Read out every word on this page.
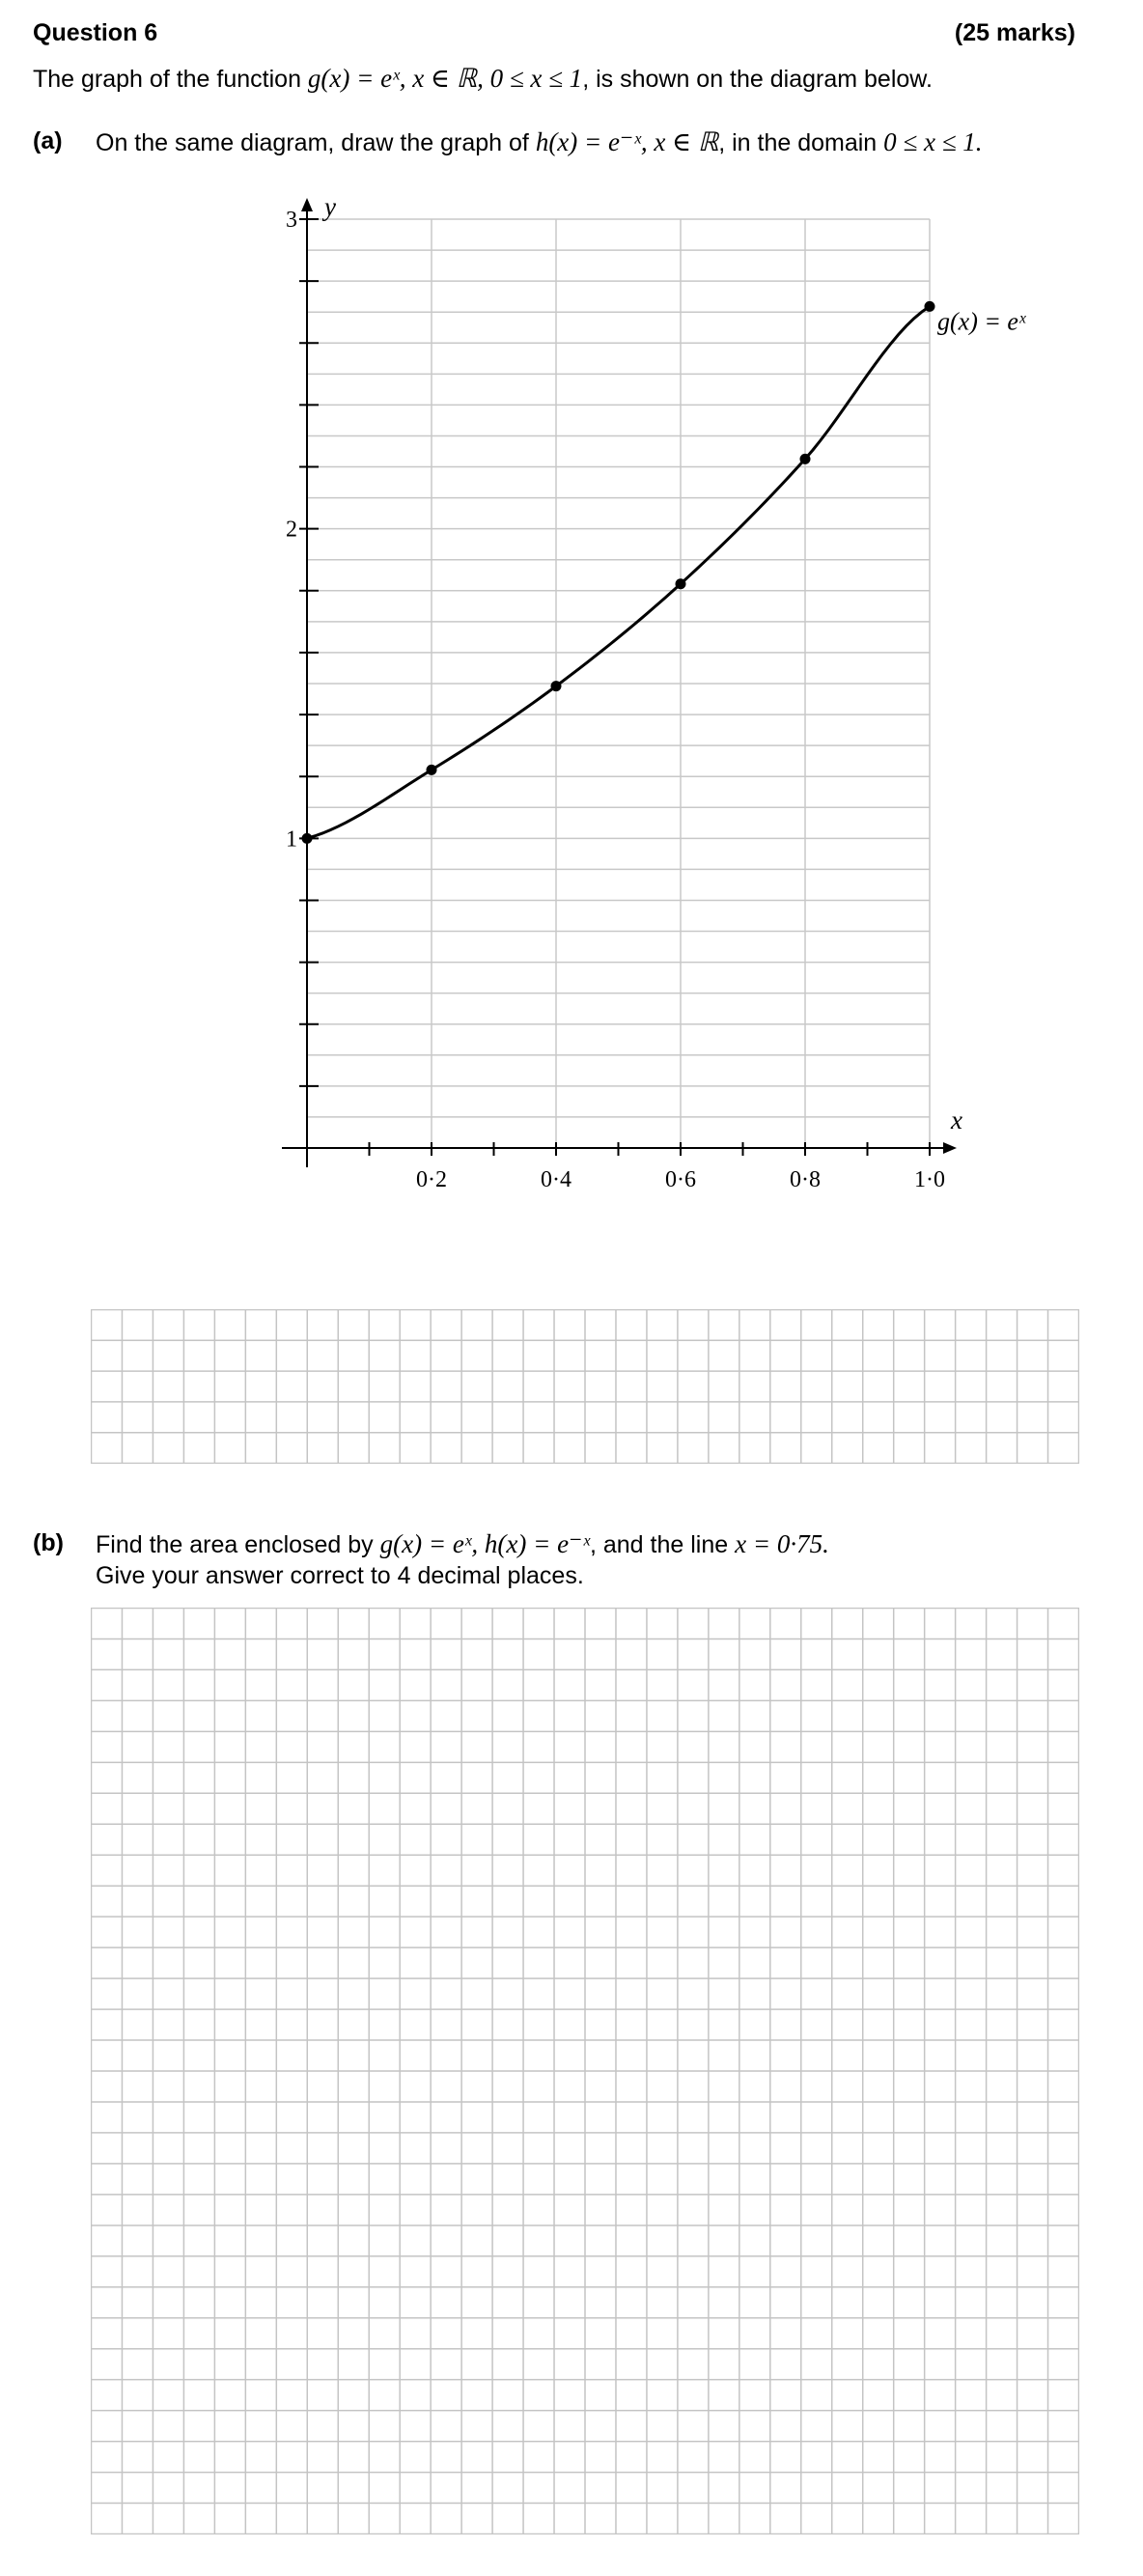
Question 6	(25 marks)
The graph of the function g(x) = eˣ, x ∈ ℝ, 0 ≤ x ≤ 1, is shown on the diagram below.
(a) On the same diagram, draw the graph of h(x) = e⁻ˣ, x ∈ ℝ, in the domain 0 ≤ x ≤ 1.
0·2	0·4	0·6	0·8	1·0
1
2
3
g(x) = eˣ
x
y
(b) Find the area enclosed by g(x) = eˣ, h(x) = e⁻ˣ, and the line x = 0·75.
Give your answer correct to 4 decimal places.
